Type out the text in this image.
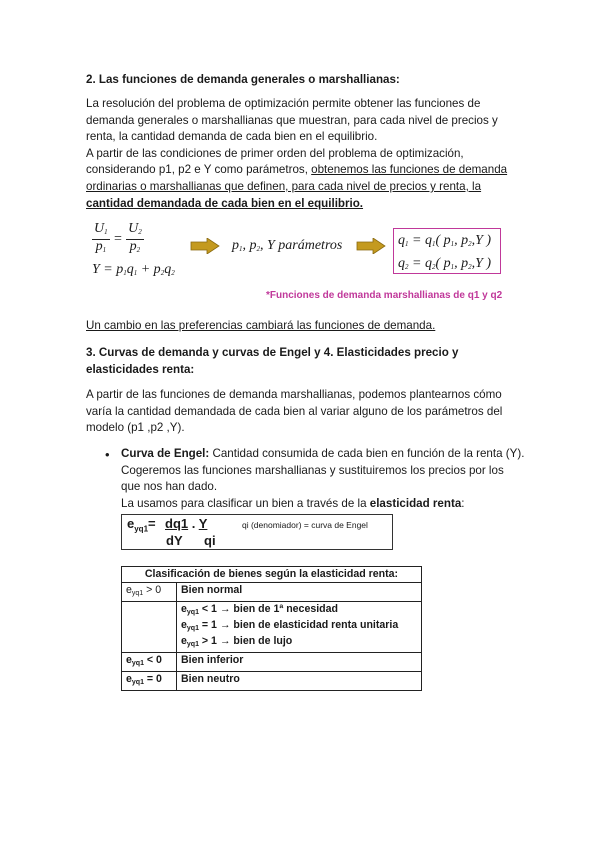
2. Las funciones de demanda generales o marshallianas:

La resolución del problema de optimización permite obtener las funciones de

demanda generales o marshallianas que muestran, para cada nivel de precios y

renta, la cantidad demanda de cada bien en el equilibrio.

A partir de las condiciones de primer orden del problema de optimización,

considerando p1, p2 e Y como parámetros, obtenemos las funciones de demanda

ordinarias o marshallianas que definen, para cada nivel de precios y renta, la

cantidad demandada de cada bien en el equilibrio.

$\frac{U_1}{p_1} = \frac{U_2}{p_2}$
$Y = p_1q_1 + p_2q_2$
$p_1$, $p_2$, Y parámetros	$q_1 = q_1$( $p_1$, $p_2,Y$ )
$q_2 = q_2$( $p_1$, $p_2,Y$ )
*Funciones de demanda marshallianas de q1 y q2
Un cambio en las preferencias cambiará las funciones de demanda.
3. Curvas de demanda y curvas de Engel y 4. Elasticidades precio y
elasticidades renta:

A partir de las funciones de demanda marshallianas, podemos plantearnos cómo

varía la cantidad demandada de cada bien al variar alguno de los parámetros del

modelo (p1 ,p2 ,Y).

• Curva de Engel: Cantidad consumida de cada bien en función de la renta (Y).

Cogeremos las funciones marshallianas y sustituiremos los precios por los

que nos han dado.

La usamos para clasificar un bien a través de la elasticidad renta:

$e_{yq1}= dq1$ . Y
dY qi
qi (denomiador) = curva de Engel
Clasificación de bienes según la elasticidad renta:	
$e_{yq1} > 0$	Bien normal

	$e_{yq1} < 1$ → bien de 1ª necesidad
$e_{yq1} = 1$ → bien de elasticidad renta unitaria
$e_{yq1} > 1$ → bien de lujo

$e_{yq1} < 0$	Bien inferior
$e_{yq1} = 0$	Bien neutro
